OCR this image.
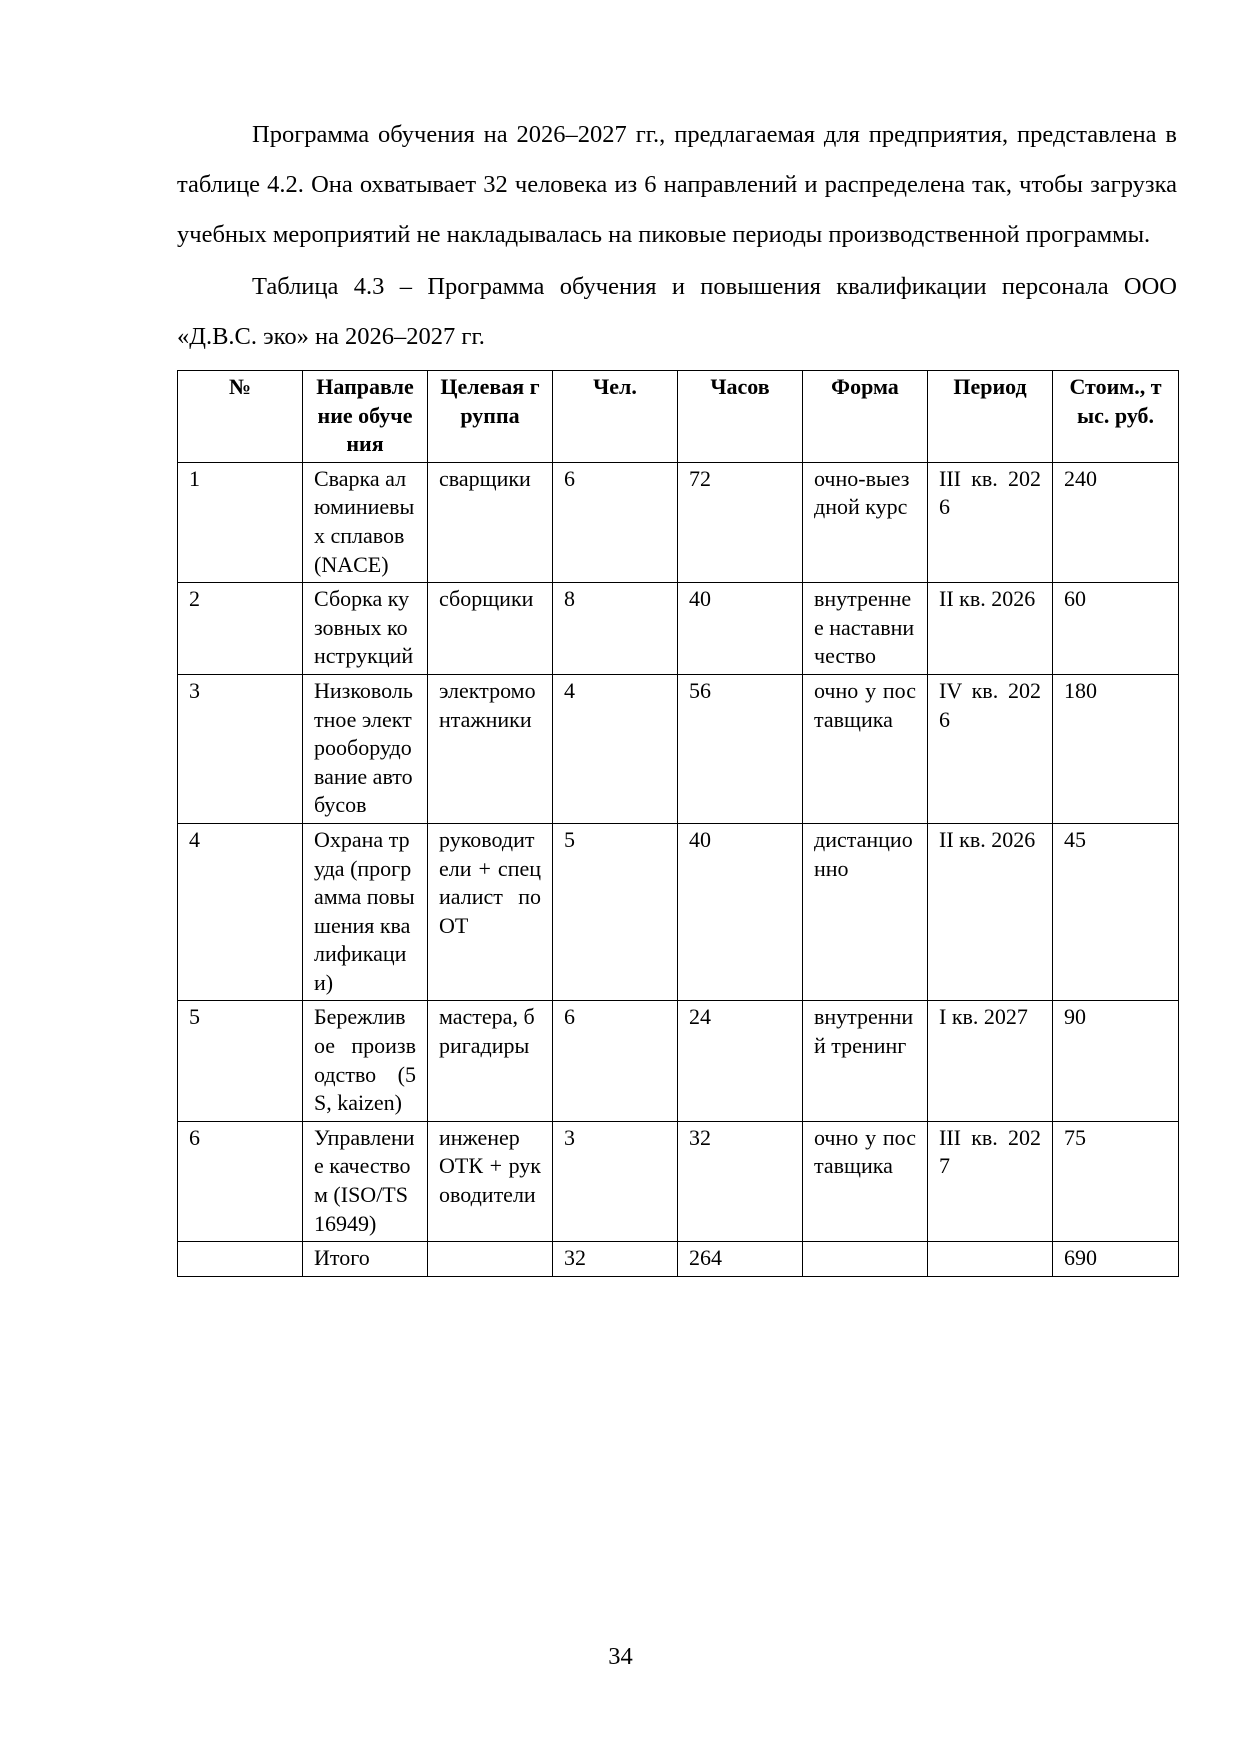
Программа обучения на 2026–2027 гг., предлагаемая для предприятия, представлена в таблице 4.2. Она охватывает 32 человека из 6 направлений и распределена так, чтобы загрузка учебных мероприятий не накладывалась на пиковые периоды производственной программы.

Таблица 4.3 – Программа обучения и повышения квалификации персонала ООО «Д.В.С. эко» на 2026–2027 гг.

№	Направление обучения	Целевая группа	Чел.	Часов	Форма	Период	Стоим., тыс. руб.
1	Сварка алюминиевых сплавов (NACE)	сварщики	6	72	очно-выездной курс	III кв. 2026	240
2	Сборка кузовных конструкций	сборщики	8	40	внутреннее наставничество	II кв. 2026	60
3	Низковольтное электрооборудование автобусов	электромонтажники	4	56	очно у поставщика	IV кв. 2026	180
4	Охрана труда (программа повышения квалификации)	руководители + специалист по ОТ	5	40	дистанционно	II кв. 2026	45
5	Бережливое производство (5S, kaizen)	мастера, бригадиры	6	24	внутренний тренинг	I кв. 2027	90
6	Управление качеством (ISO/TS 16949)	инженер ОТК + руководители	3	32	очно у поставщика	III кв. 2027	75
	Итого		32	264			690
34
